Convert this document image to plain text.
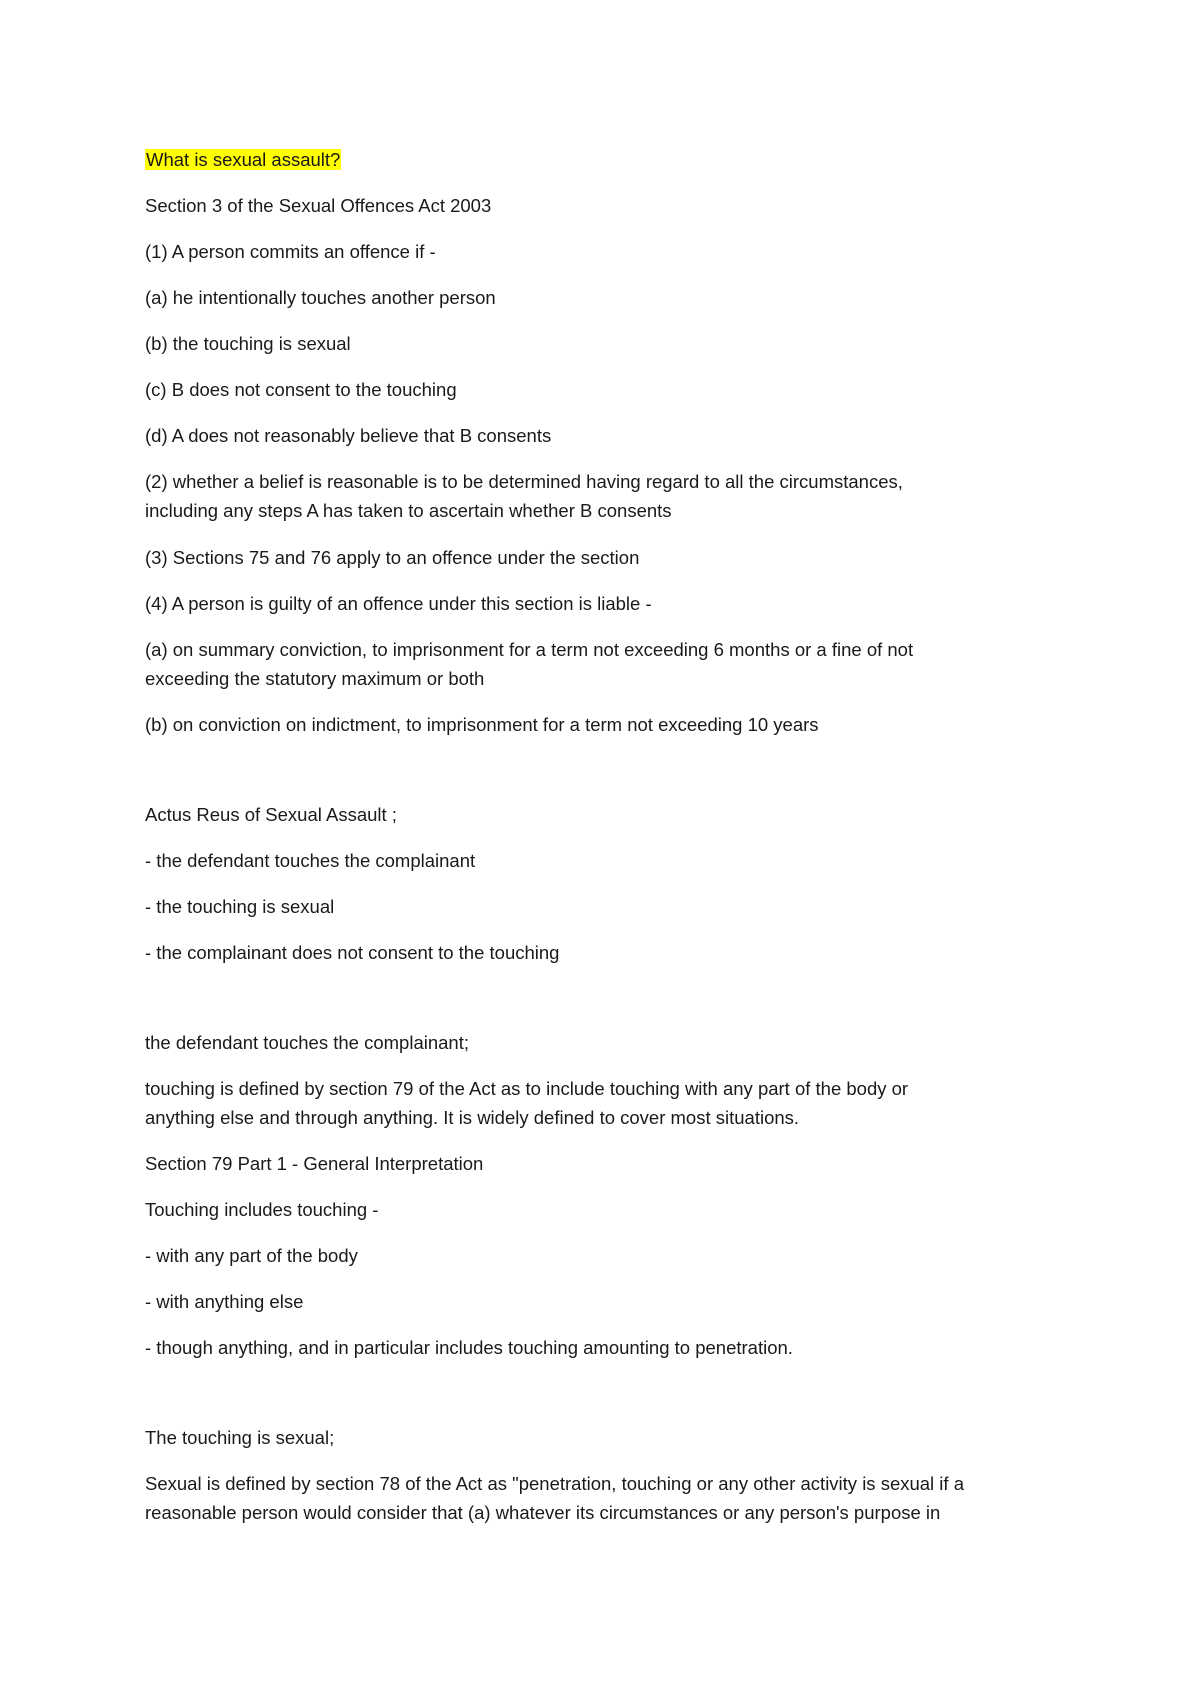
What is sexual assault?
Section 3 of the Sexual Offences Act 2003
(1) A person commits an offence if -
(a) he intentionally touches another person
(b) the touching is sexual
(c) B does not consent to the touching
(d) A does not reasonably believe that B consents
(2) whether a belief is reasonable is to be determined having regard to all the circumstances,
including any steps A has taken to ascertain whether B consents
(3) Sections 75 and 76 apply to an offence under the section
(4) A person is guilty of an offence under this section is liable -
(a) on summary conviction, to imprisonment for a term not exceeding 6 months or a fine of not
exceeding the statutory maximum or both
(b) on conviction on indictment, to imprisonment for a term not exceeding 10 years
Actus Reus of Sexual Assault ;
- the defendant touches the complainant
- the touching is sexual
- the complainant does not consent to the touching
the defendant touches the complainant;
touching is defined by section 79 of the Act as to include touching with any part of the body or
anything else and through anything. It is widely defined to cover most situations.
Section 79 Part 1 - General Interpretation
Touching includes touching -
- with any part of the body
- with anything else
- though anything, and in particular includes touching amounting to penetration.
The touching is sexual;
Sexual is defined by section 78 of the Act as "penetration, touching or any other activity is sexual if a
reasonable person would consider that (a) whatever its circumstances or any person's purpose in
